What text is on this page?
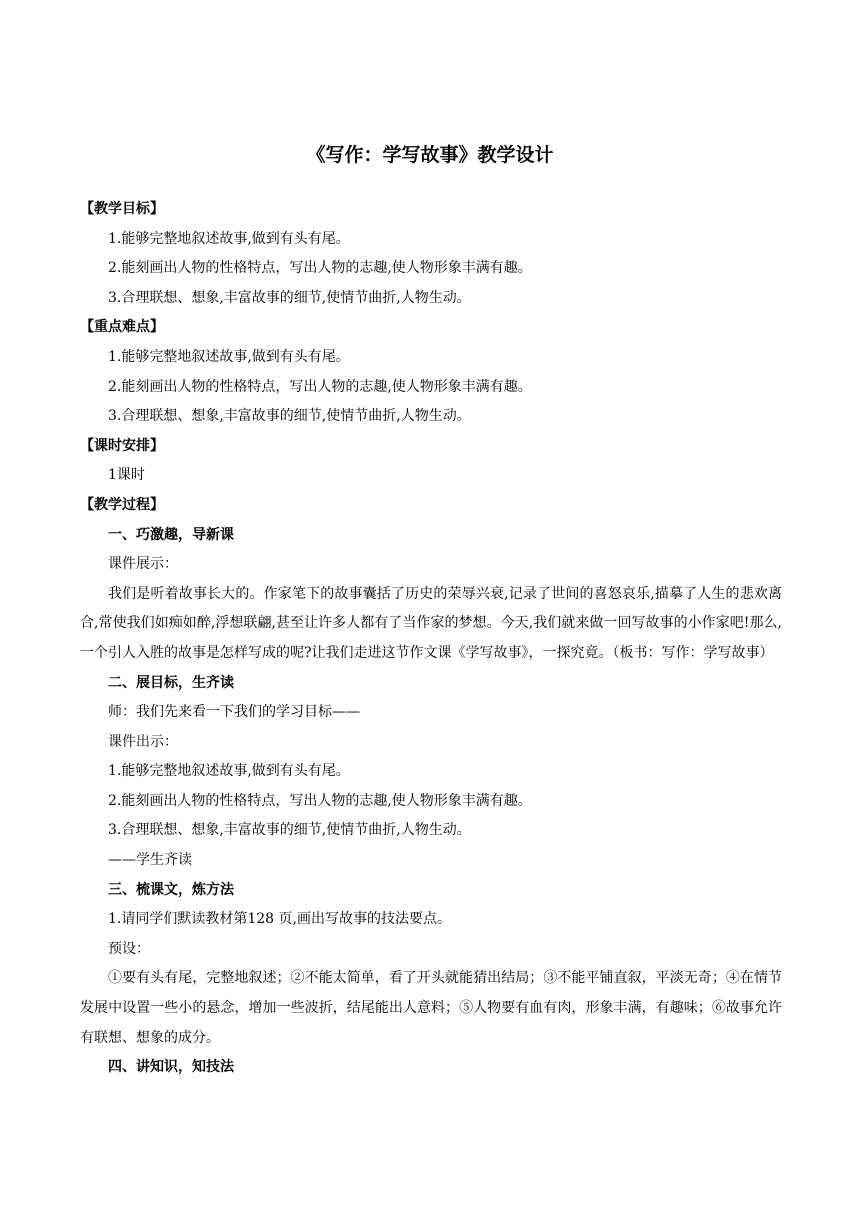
《写作：学写故事》教学设计

【教学目标】

1.能够完整地叙述故事,做到有头有尾。

2.能刻画出人物的性格特点，写出人物的志趣,使人物形象丰满有趣。

3.合理联想、想象,丰富故事的细节,使情节曲折,人物生动。

【重点难点】

1.能够完整地叙述故事,做到有头有尾。

2.能刻画出人物的性格特点，写出人物的志趣,使人物形象丰满有趣。

3.合理联想、想象,丰富故事的细节,使情节曲折,人物生动。

【课时安排】

1课时

【教学过程】

一、巧激趣，导新课

课件展示：

我们是听着故事长大的。作家笔下的故事囊括了历史的荣辱兴衰,记录了世间的喜怒哀乐,描摹了人生的悲欢离合,常使我们如痴如醉,浮想联翩,甚至让许多人都有了当作家的梦想。今天,我们就来做一回写故事的小作家吧!那么,一个引人入胜的故事是怎样写成的呢?让我们走进这节作文课《学写故事》，一探究竟。（板书：写作：学写故事）

二、展目标，生齐读

师：我们先来看一下我们的学习目标——

课件出示：

1.能够完整地叙述故事,做到有头有尾。

2.能刻画出人物的性格特点，写出人物的志趣,使人物形象丰满有趣。

3.合理联想、想象,丰富故事的细节,使情节曲折,人物生动。

——学生齐读

三、梳课文，炼方法

1.请同学们默读教材第128 页,画出写故事的技法要点。

预设：

①要有头有尾，完整地叙述；②不能太简单，看了开头就能猜出结局；③不能平铺直叙，平淡无奇；④在情节发展中设置一些小的悬念，增加一些波折，结尾能出人意料；⑤人物要有血有肉，形象丰满，有趣味；⑥故事允许有联想、想象的成分。

四、讲知识，知技法
